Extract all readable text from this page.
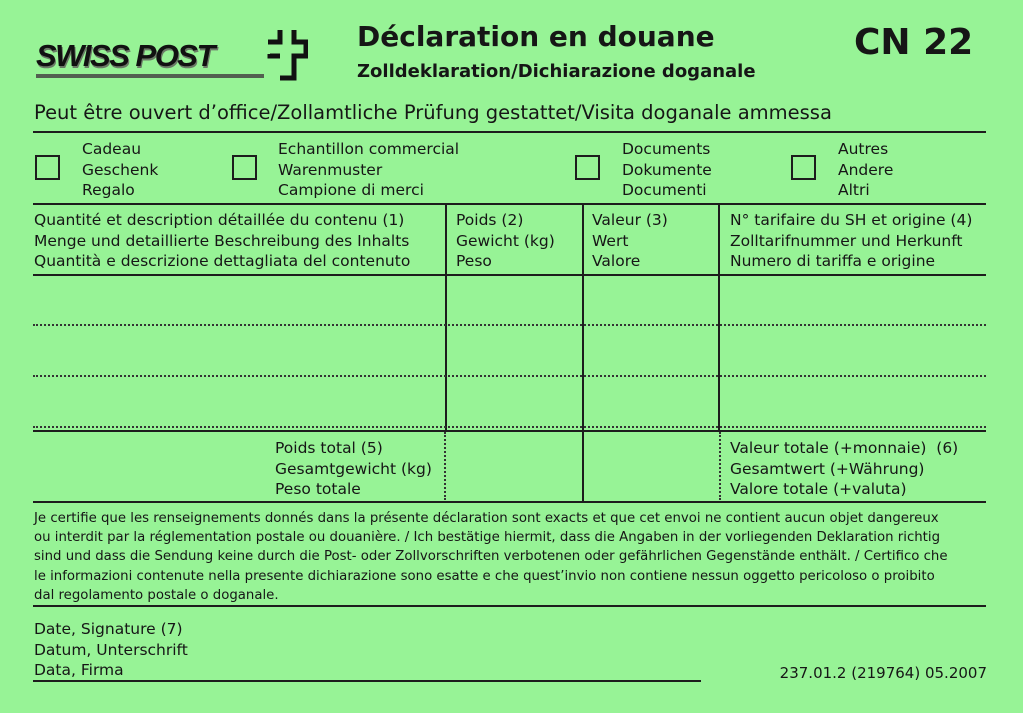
SWISS POST
Déclaration en douane
Zolldeklaration/Dichiarazione doganale
CN 22
Peut être ouvert d’office/Zollamtliche Prüfung gestattet/Visita doganale ammessa
Cadeau
Geschenk
Regalo
Echantillon commercial
Warenmuster
Campione di merci
Documents
Dokumente
Documenti
Autres
Andere
Altri
Quantité et description détaillée du contenu (1)
Menge und detaillierte Beschreibung des Inhalts
Quantità e descrizione dettagliata del contenuto
Poids (2)
Gewicht (kg)
Peso
Valeur (3)
Wert
Valore
N° tarifaire du SH et origine (4)
Zolltarifnummer und Herkunft
Numero di tariffa e origine
Poids total (5)
Gesamtgewicht (kg)
Peso totale
Valeur totale (+monnaie)  (6)
Gesamtwert (+Währung)
Valore totale (+valuta)
Je certifie que les renseignements donnés dans la présente déclaration sont exacts et que cet envoi ne contient aucun objet dangereux
ou interdit par la réglementation postale ou douanière. / Ich bestätige hiermit, dass die Angaben in der vorliegenden Deklaration richtig
sind und dass die Sendung keine durch die Post- oder Zollvorschriften verbotenen oder gefährlichen Gegenstände enthält. / Certifico che
le informazioni contenute nella presente dichiarazione sono esatte e che quest’invio non contiene nessun oggetto pericoloso o proibito
dal regolamento postale o doganale.
Date, Signature (7)
Datum, Unterschrift
Data, Firma	237.01.2 (219764) 05.2007
